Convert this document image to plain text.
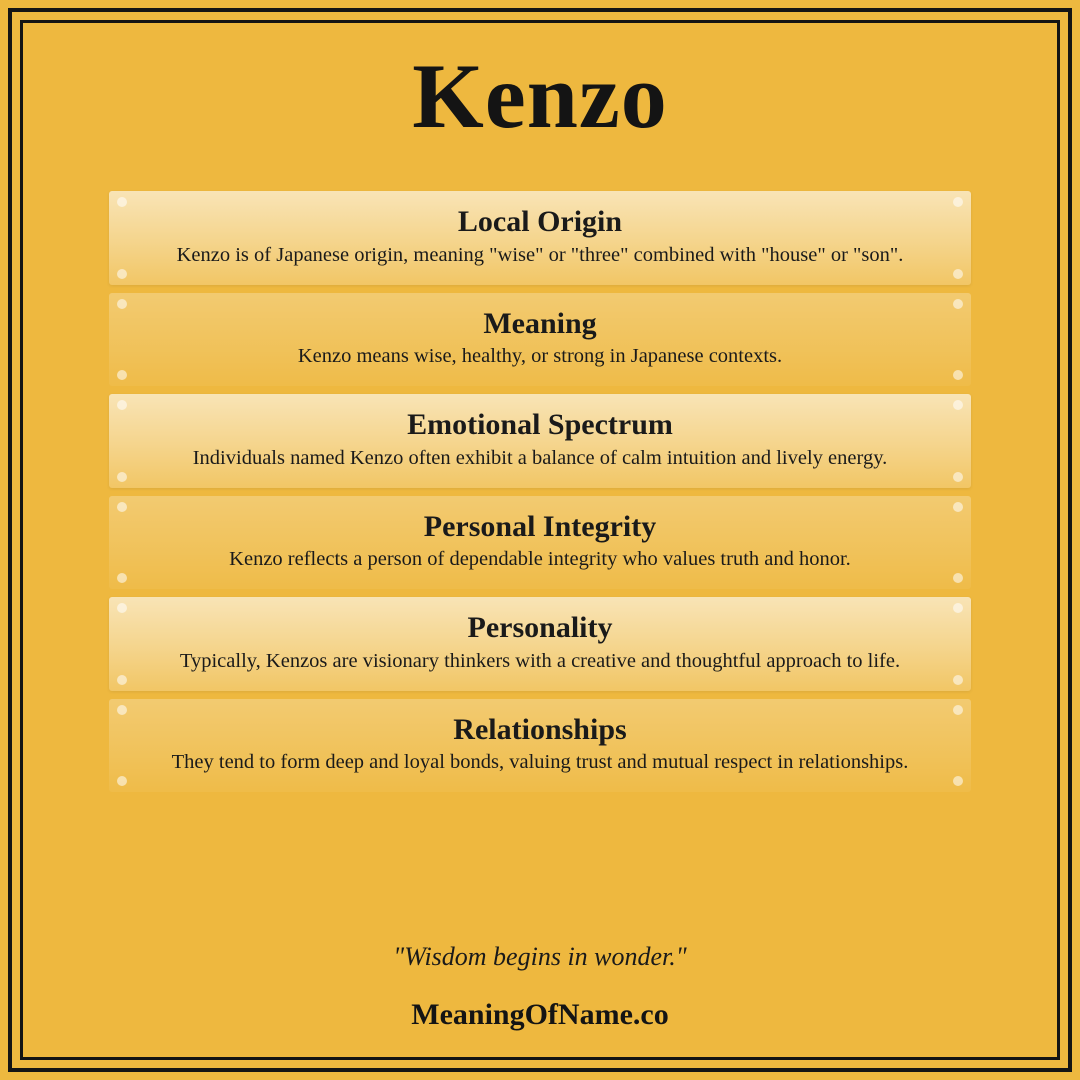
Kenzo
Local Origin

Kenzo is of Japanese origin, meaning "wise" or "three" combined with "house" or "son".

Meaning

Kenzo means wise, healthy, or strong in Japanese contexts.

Emotional Spectrum

Individuals named Kenzo often exhibit a balance of calm intuition and lively energy.

Personal Integrity

Kenzo reflects a person of dependable integrity who values truth and honor.

Personality

Typically, Kenzos are visionary thinkers with a creative and thoughtful approach to life.

Relationships

They tend to form deep and loyal bonds, valuing trust and mutual respect in relationships.

"Wisdom begins in wonder."

MeaningOfName.co
